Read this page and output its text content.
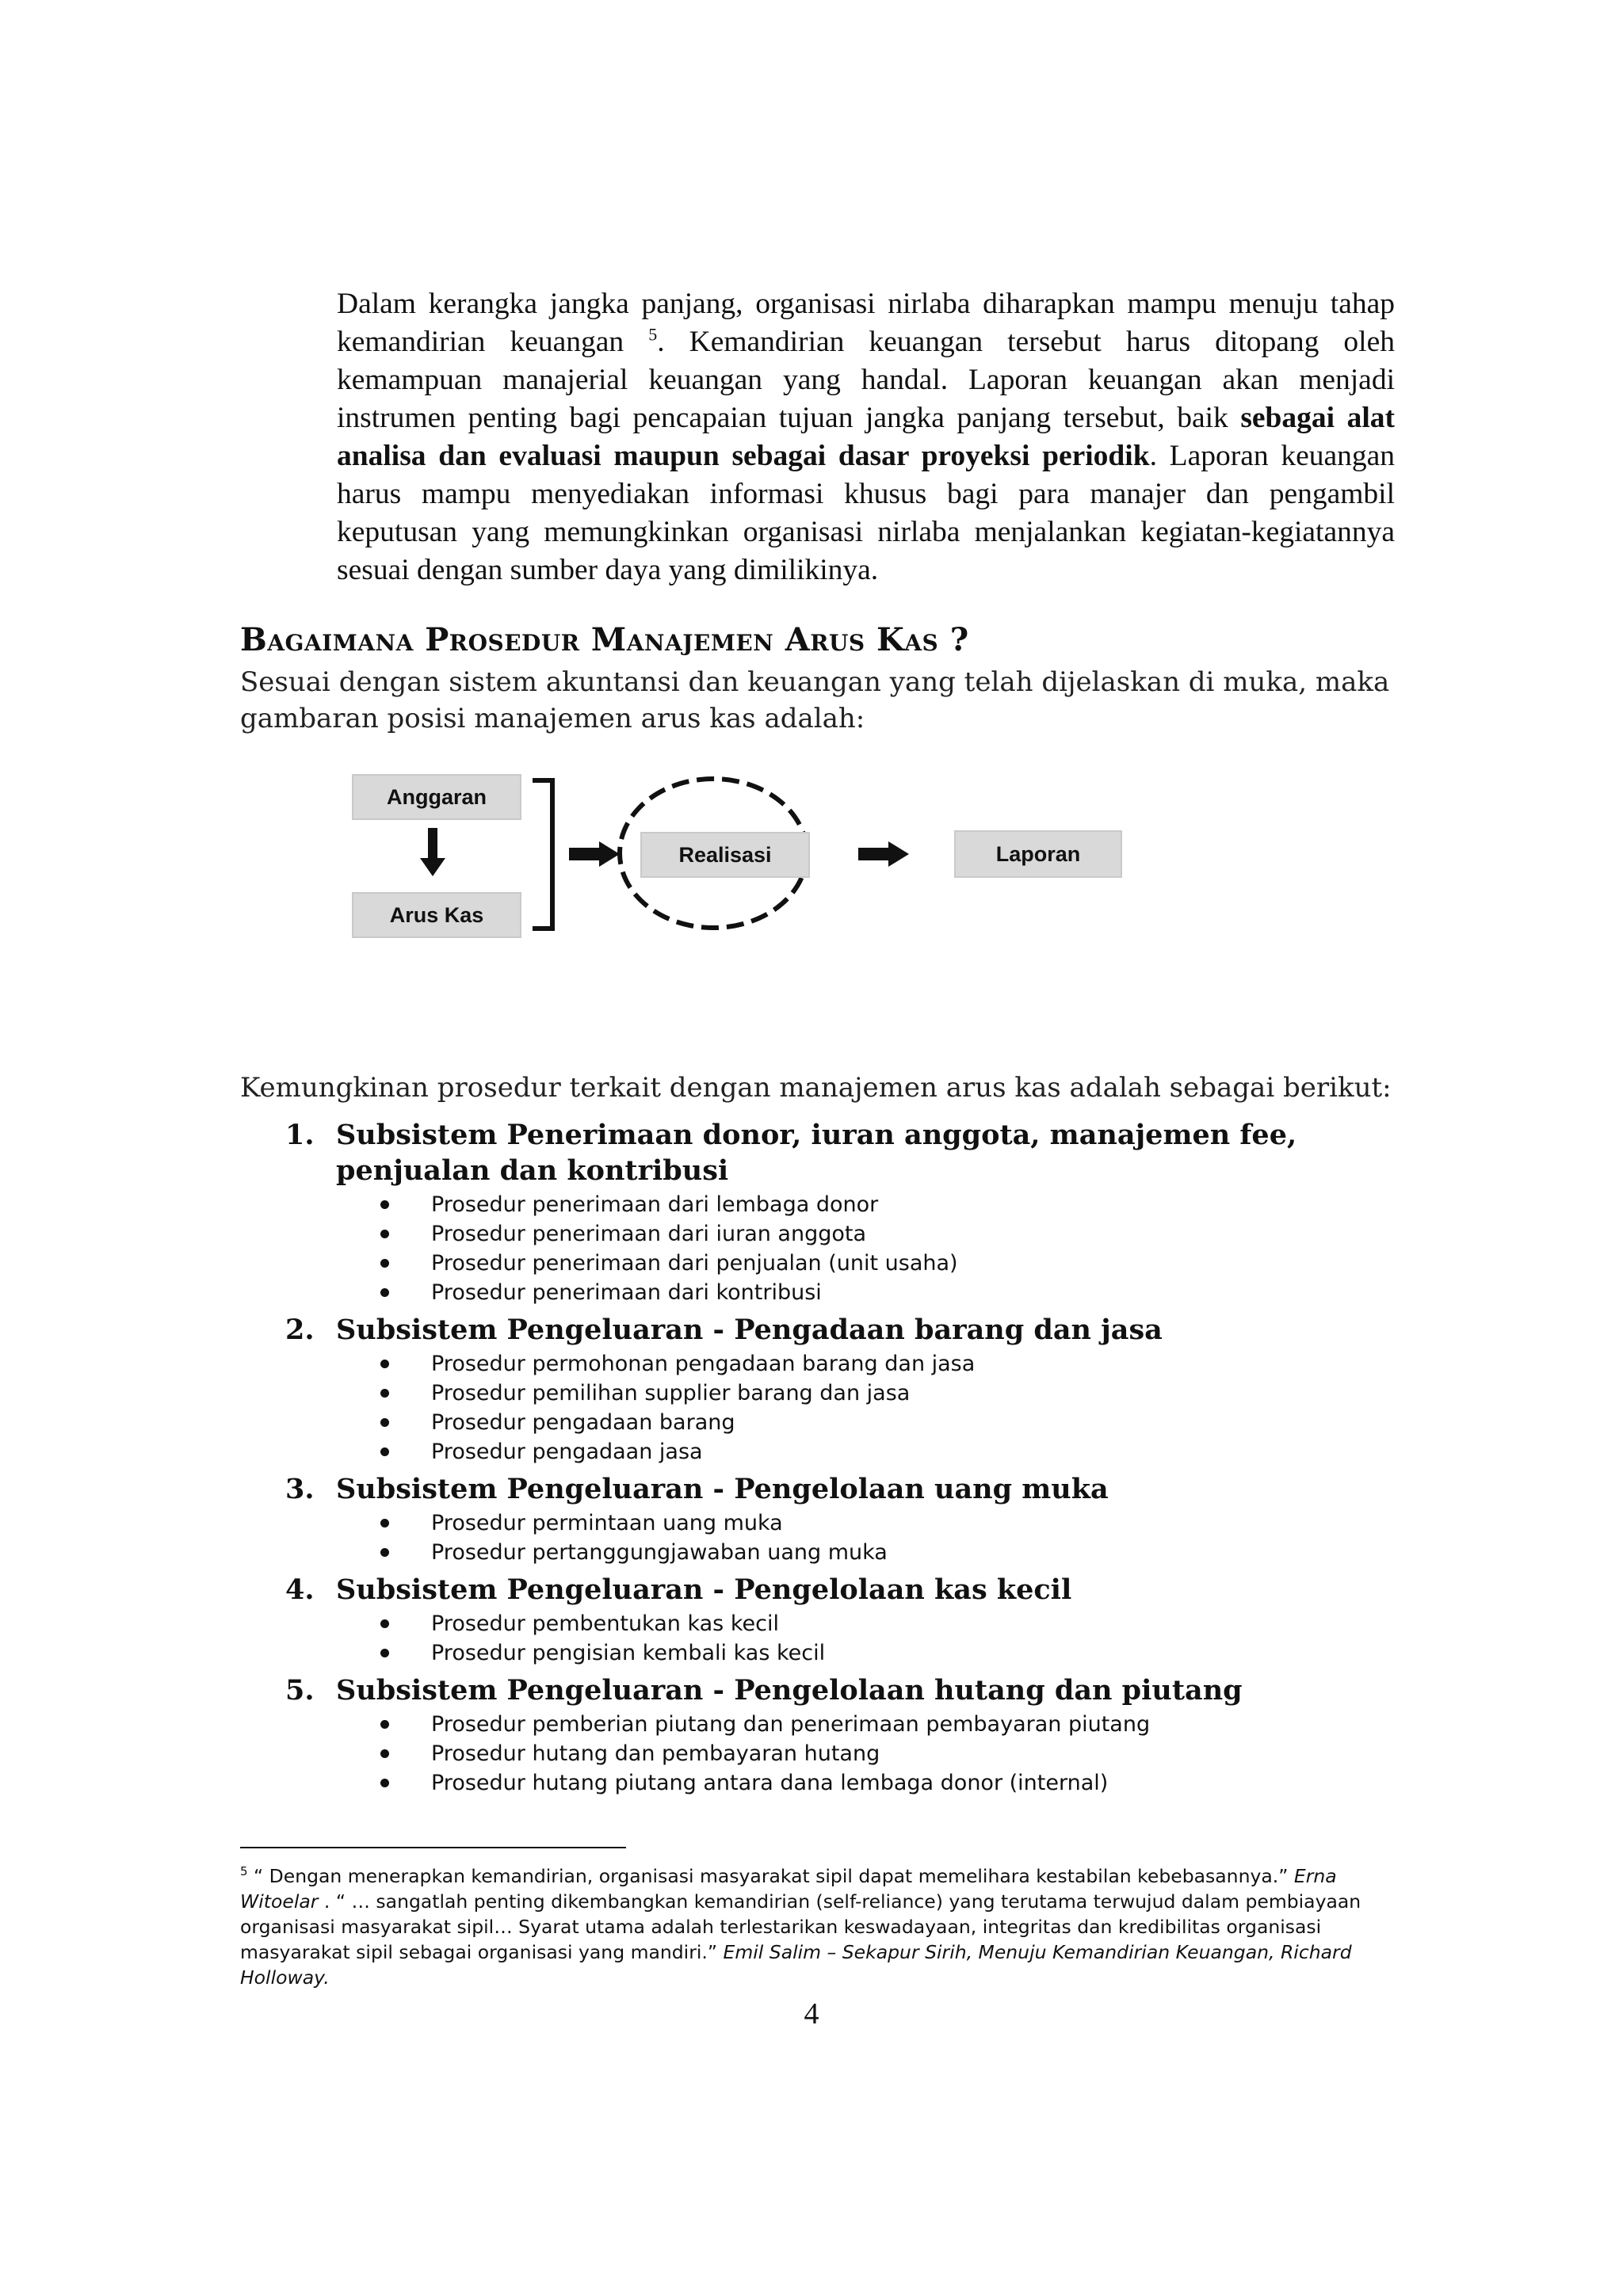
Dalam kerangka jangka panjang, organisasi nirlaba diharapkan mampu menuju tahap kemandirian keuangan $^5$. Kemandirian keuangan tersebut harus ditopang oleh kemampuan manajerial keuangan yang handal. Laporan keuangan akan menjadi instrumen penting bagi pencapaian tujuan jangka panjang tersebut, baik sebagai alat analisa dan evaluasi maupun sebagai dasar proyeksi periodik. Laporan keuangan harus mampu menyediakan informasi khusus bagi para manajer dan pengambil keputusan yang memungkinkan organisasi nirlaba menjalankan kegiatan-kegiatannya sesuai dengan sumber daya yang dimilikinya.

Bagaimana Prosedur Manajemen Arus Kas ?

Sesuai dengan sistem akuntansi dan keuangan yang telah dijelaskan di muka, maka gambaran posisi manajemen arus kas adalah:

Anggaran
Arus Kas
Realisasi	Laporan

Kemungkinan prosedur terkait dengan manajemen arus kas adalah sebagai berikut:

1. Subsistem Penerimaan donor, iuran anggota, manajemen fee, penjualan dan kontribusi
Prosedur penerimaan dari lembaga donor
Prosedur penerimaan dari iuran anggota
Prosedur penerimaan dari penjualan (unit usaha)
Prosedur penerimaan dari kontribusi
2. Subsistem Pengeluaran - Pengadaan barang dan jasa
Prosedur permohonan pengadaan barang dan jasa
Prosedur pemilihan supplier barang dan jasa
Prosedur pengadaan barang
Prosedur pengadaan jasa
3. Subsistem Pengeluaran - Pengelolaan uang muka
Prosedur permintaan uang muka
Prosedur pertanggungjawaban uang muka
4. Subsistem Pengeluaran - Pengelolaan kas kecil
Prosedur pembentukan kas kecil
Prosedur pengisian kembali kas kecil
5. Subsistem Pengeluaran - Pengelolaan hutang dan piutang
Prosedur pemberian piutang dan penerimaan pembayaran piutang
Prosedur hutang dan pembayaran hutang
Prosedur hutang piutang antara dana lembaga donor (internal)

$^5$ “ Dengan menerapkan kemandirian, organisasi masyarakat sipil dapat memelihara kestabilan kebebasannya.” Erna Witoelar . “ … sangatlah penting dikembangkan kemandirian (self-reliance) yang terutama terwujud dalam pembiayaan organisasi masyarakat sipil… Syarat utama adalah terlestarikan keswadayaan, integritas dan kredibilitas organisasi masyarakat sipil sebagai organisasi yang mandiri.” Emil Salim – Sekapur Sirih, Menuju Kemandirian Keuangan, Richard Holloway.

4
